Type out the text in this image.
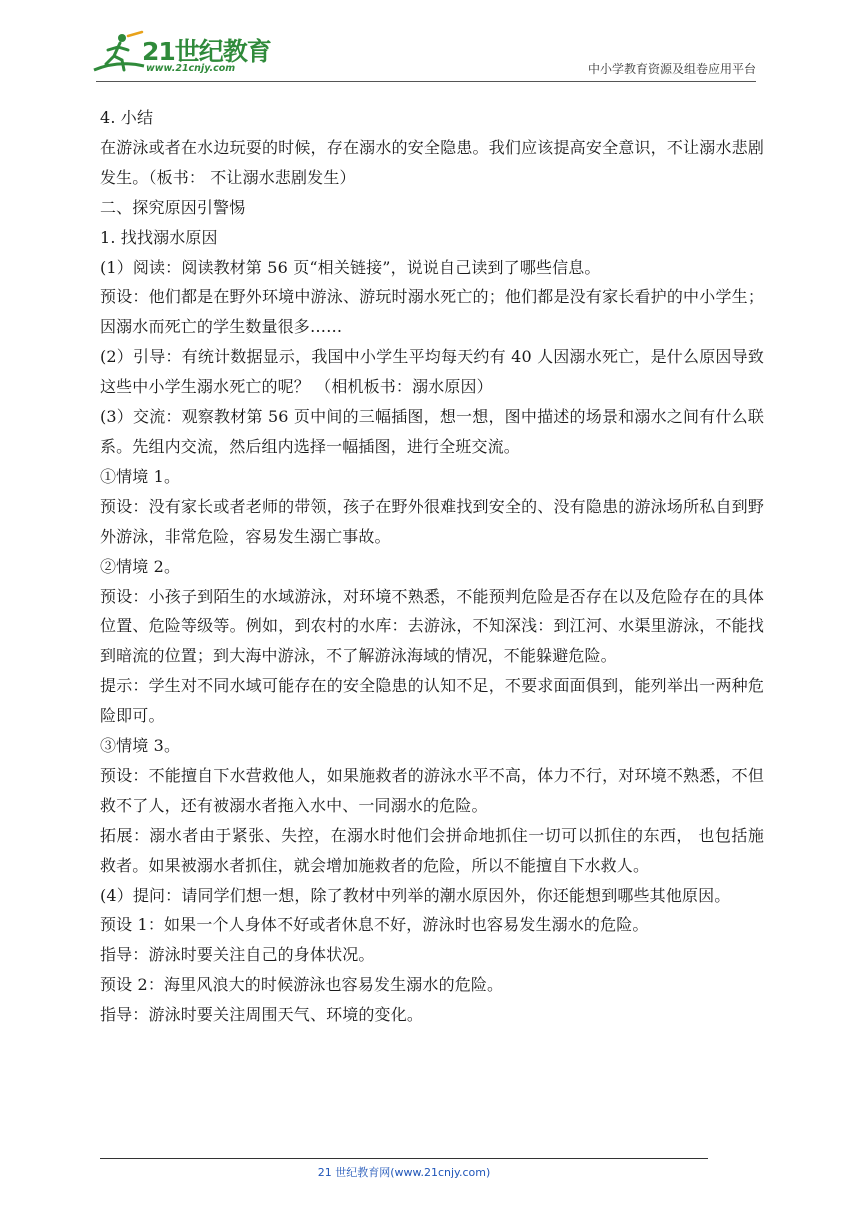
21世纪教育
www.21cnjy.com	中小学教育资源及组卷应用平台

4. 小结

在游泳或者在水边玩耍的时候，存在溺水的安全隐患。我们应该提高安全意识，不让溺水悲剧发生。（板书： 不让溺水悲剧发生）

二、探究原因引警惕

1. 找找溺水原因

(1）阅读：阅读教材第 56 页“相关链接”，说说自己读到了哪些信息。

预设：他们都是在野外环境中游泳、游玩时溺水死亡的；他们都是没有家长看护的中小学生；因溺水而死亡的学生数量很多……

(2）引导：有统计数据显示，我国中小学生平均每天约有 40 人因溺水死亡，是什么原因导致这些中小学生溺水死亡的呢？ （相机板书：溺水原因）

(3）交流：观察教材第 56 页中间的三幅插图，想一想，图中描述的场景和溺水之间有什么联系。先组内交流，然后组内选择一幅插图，进行全班交流。

①情境 1。

预设：没有家长或者老师的带领，孩子在野外很难找到安全的、没有隐患的游泳场所私自到野外游泳，非常危险，容易发生溺亡事故。

②情境 2。

预设：小孩子到陌生的水域游泳，对环境不熟悉，不能预判危险是否存在以及危险存在的具体位置、危险等级等。例如，到农村的水库：去游泳，不知深浅：到江河、水渠里游泳，不能找到暗流的位置；到大海中游泳，不了解游泳海域的情况，不能躲避危险。

提示：学生对不同水域可能存在的安全隐患的认知不足，不要求面面俱到，能列举出一两种危险即可。

③情境 3。

预设：不能擅自下水营救他人，如果施救者的游泳水平不高，体力不行，对环境不熟悉，不但救不了人，还有被溺水者拖入水中、一同溺水的危险。

拓展：溺水者由于紧张、失控，在溺水时他们会拼命地抓住一切可以抓住的东西， 也包括施救者。如果被溺水者抓住，就会增加施救者的危险，所以不能擅自下水救人。

(4）提问：请同学们想一想，除了教材中列举的潮水原因外，你还能想到哪些其他原因。

预设 1：如果一个人身体不好或者休息不好，游泳时也容易发生溺水的危险。

指导：游泳时要关注自己的身体状况。

预设 2：海里风浪大的时候游泳也容易发生溺水的危险。

指导：游泳时要关注周围天气、环境的变化。

21 世纪教育网(www.21cnjy.com)
